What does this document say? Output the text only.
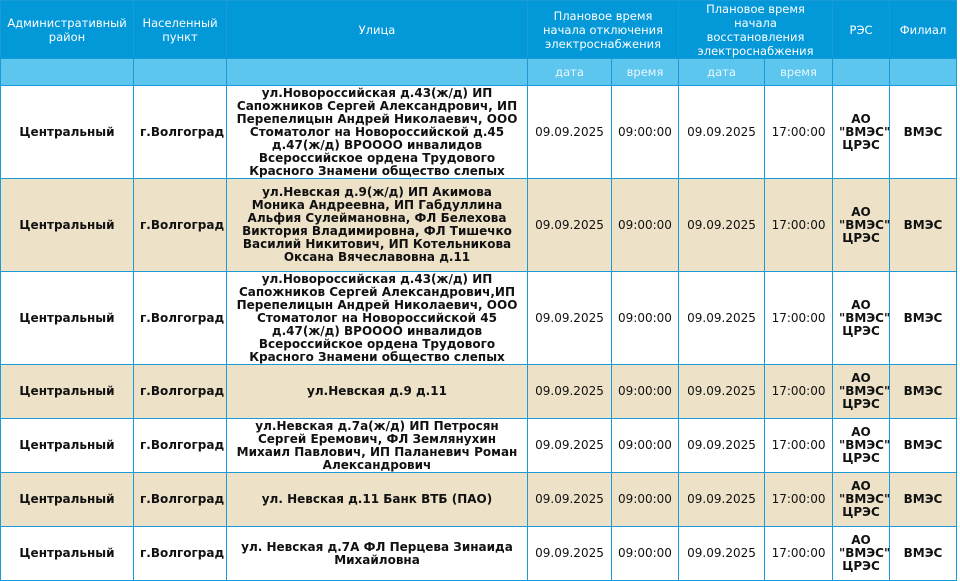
Административный район	Населенный пункт	Улица	Плановое время начала отключения электроснабжения		Плановое время начала восстановления электроснабжения		РЭС	Филиал
			дата	время	дата	время		
Центральный	г.Волгоград	ул.Новороссийская д.43(ж/д) ИП Сапожников Сергей Александрович, ИП Перепелицын Андрей Николаевич, ООО Стоматолог на Новороссийской д.45 д.47(ж/д) ВРОООО инвалидов Всероссийское ордена Трудового Красного Знамени общество слепых	09.09.2025	09:00:00	09.09.2025	17:00:00	АО "ВМЭС" ЦРЭС	ВМЭС
Центральный	г.Волгоград	ул.Невская д.9(ж/д) ИП Акимова Моника Андреевна, ИП Габдуллина Альфия Сулеймановна, ФЛ Белехова Виктория Владимировна, ФЛ Тишечко Василий Никитович, ИП Котельникова Оксана Вячеславовна д.11	09.09.2025	09:00:00	09.09.2025	17:00:00	АО "ВМЭС" ЦРЭС	ВМЭС
Центральный	г.Волгоград	ул.Новороссийская д.43(ж/д) ИП Сапожников Сергей Александрович,ИП Перепелицын Андрей Николаевич, ООО Стоматолог на Новороссийской 45 д.47(ж/д) ВРОООО инвалидов Всероссийское ордена Трудового Красного Знамени общество слепых	09.09.2025	09:00:00	09.09.2025	17:00:00	АО "ВМЭС" ЦРЭС	ВМЭС
Центральный	г.Волгоград	ул.Невская д.9 д.11	09.09.2025	09:00:00	09.09.2025	17:00:00	АО "ВМЭС" ЦРЭС	ВМЭС
Центральный	г.Волгоград	ул.Невская д.7а(ж/д) ИП Петросян Сергей Еремович, ФЛ Землянухин Михаил Павлович, ИП Паланевич Роман Александрович	09.09.2025	09:00:00	09.09.2025	17:00:00	АО "ВМЭС" ЦРЭС	ВМЭС
Центральный	г.Волгоград	ул. Невская д.11 Банк ВТБ (ПАО)	09.09.2025	09:00:00	09.09.2025	17:00:00	АО "ВМЭС" ЦРЭС	ВМЭС
Центральный	г.Волгоград	ул. Невская д.7А ФЛ Перцева Зинаида Михайловна	09.09.2025	09:00:00	09.09.2025	17:00:00	АО "ВМЭС" ЦРЭС	ВМЭС
